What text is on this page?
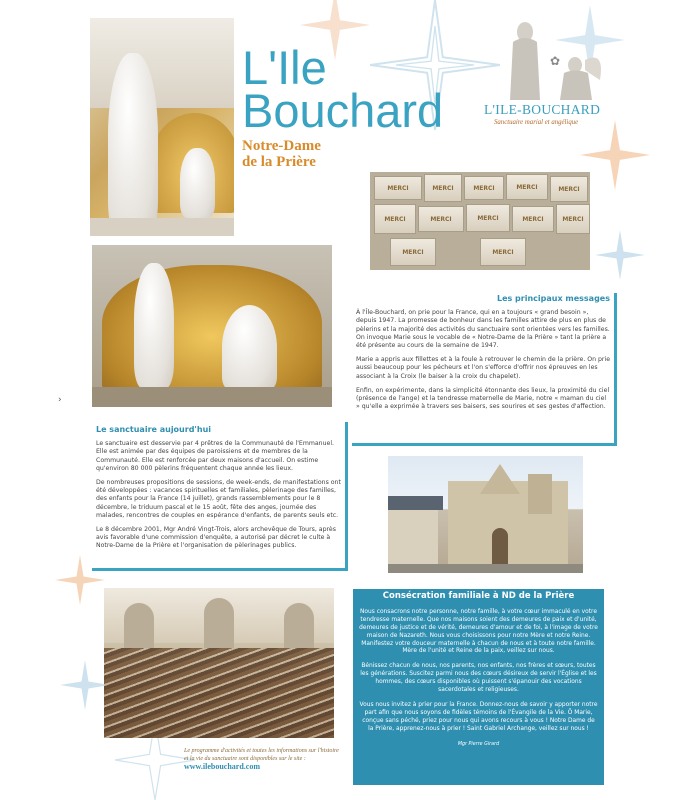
L'Ile
Bouchard
Notre-Dame
de la Prière
✿
L'ILE-BOUCHARD
Sanctuaire marial et angélique
MERCI	MERCI	MERCI	MERCI	MERCI
MERCI	MERCI	MERCI	MERCI	MERCI
MERCI	MERCI
›
Les principaux messages

À l'Île-Bouchard, on prie pour la France, qui en a toujours « grand besoin », depuis 1947. La promesse de bonheur dans les familles attire de plus en plus de pèlerins et la majorité des activités du sanctuaire sont orientées vers les familles. On invoque Marie sous le vocable de « Notre-Dame de la Prière » tant la prière a été présente au cours de la semaine de 1947.

Marie a appris aux fillettes et à la foule à retrouver le chemin de la prière. On prie aussi beaucoup pour les pécheurs et l'on s'efforce d'offrir nos épreuves en les associant à la Croix (le baiser à la croix du chapelet).

Enfin, on expérimente, dans la simplicité étonnante des lieux, la proximité du ciel (présence de l'ange) et la tendresse maternelle de Marie, notre « maman du ciel » qu'elle a exprimée à travers ses baisers, ses sourires et ses gestes d'affection.

Le sanctuaire aujourd'hui

Le sanctuaire est desservie par 4 prêtres de la Communauté de l'Emmanuel. Elle est animée par des équipes de paroissiens et de membres de la Communauté. Elle est renforcée par deux maisons d'accueil. On estime qu'environ 80 000 pèlerins fréquentent chaque année les lieux.

De nombreuses propositions de sessions, de week-ends, de manifestations ont été développées : vacances spirituelles et familiales, pèlerinage des familles, des enfants pour la France (14 juillet), grands rassemblements pour le 8 décembre, le triduum pascal et le 15 août, fête des anges, journée des malades, rencontres de couples en espérance d'enfants, de parents seuls etc.

Le 8 décembre 2001, Mgr André Vingt-Trois, alors archevêque de Tours, après avis favorable d'une commission d'enquête, a autorisé par décret le culte à Notre-Dame de la Prière et l'organisation de pèlerinages publics.

Le programme d'activités et toutes les informations sur l'histoire et la vie du sanctuaire sont disponibles sur le site : www.ilebouchard.com
Consécration familiale à ND de la Prière

Nous consacrons notre personne, notre famille, à votre cœur immaculé en votre tendresse maternelle. Que nos maisons soient des demeures de paix et d'unité, demeures de justice et de vérité, demeures d'amour et de foi, à l'image de votre maison de Nazareth. Nous vous choisissons pour notre Mère et notre Reine. Manifestez votre douceur maternelle à chacun de nous et à toute notre famille. Mère de l'unité et Reine de la paix, veillez sur nous.

Bénissez chacun de nous, nos parents, nos enfants, nos frères et sœurs, toutes les générations. Suscitez parmi nous des cœurs désireux de servir l'Église et les hommes, des cœurs disponibles où puissent s'épanouir des vocations sacerdotales et religieuses.

Vous nous invitez à prier pour la France. Donnez-nous de savoir y apporter notre part afin que nous soyons de fidèles témoins de l'Évangile de la Vie. Ô Marie, conçue sans péché, priez pour nous qui avons recours à vous ! Notre Dame de la Prière, apprenez-nous à prier ! Saint Gabriel Archange, veillez sur nous !

Mgr Pierre Girard
